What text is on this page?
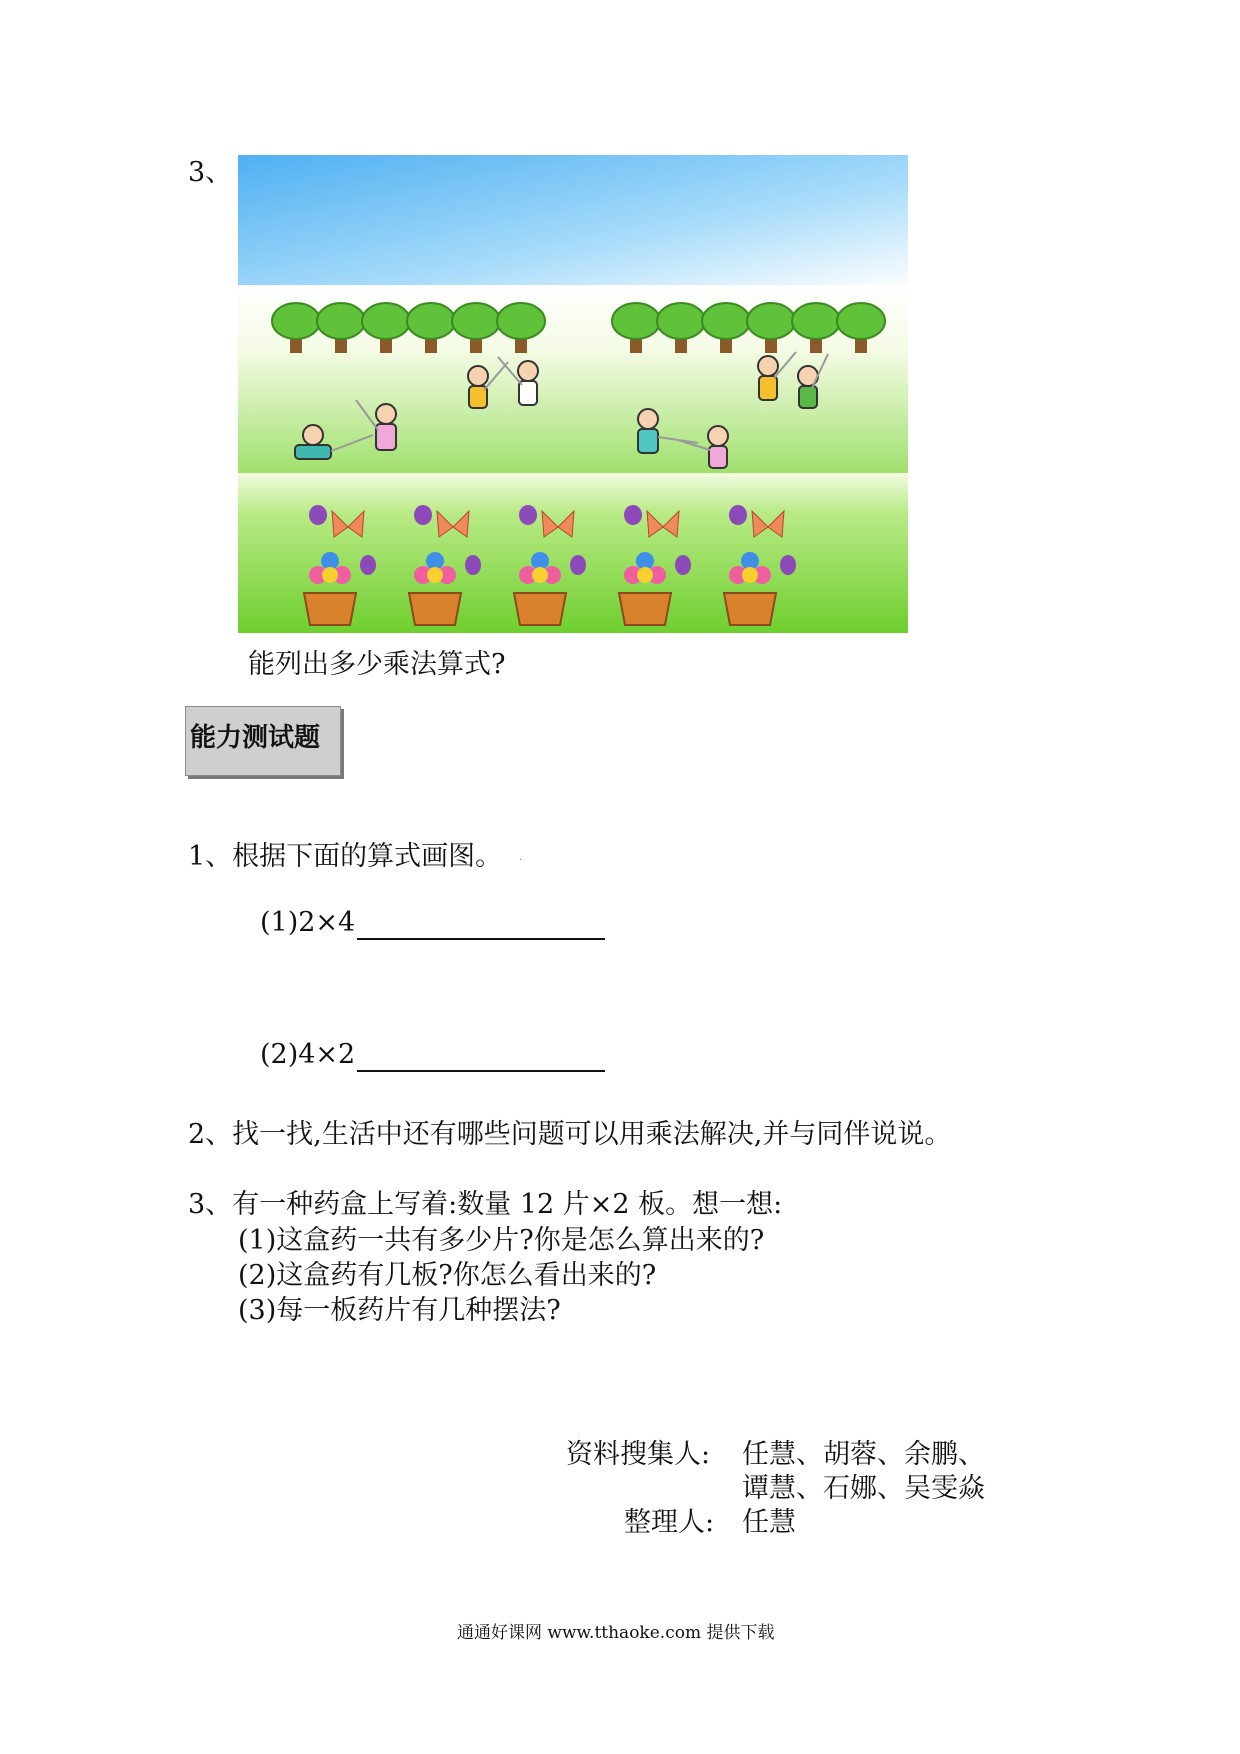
3、
能列出多少乘法算式?
能力测试题
1、根据下面的算式画图。 .
(1)2×4
(2)4×2
2、找一找,生活中还有哪些问题可以用乘法解决,并与同伴说说。
3、有一种药盒上写着:数量 12 片×2 板。想一想:
(1)这盒药一共有多少片?你是怎么算出来的?
(2)这盒药有几板?你怎么看出来的?
(3)每一板药片有几种摆法?
资料搜集人: 任慧、胡蓉、余鹏、
谭慧、石娜、吴雯焱
整理人: 任慧
通通好课网 www.tthaoke.com 提供下载
